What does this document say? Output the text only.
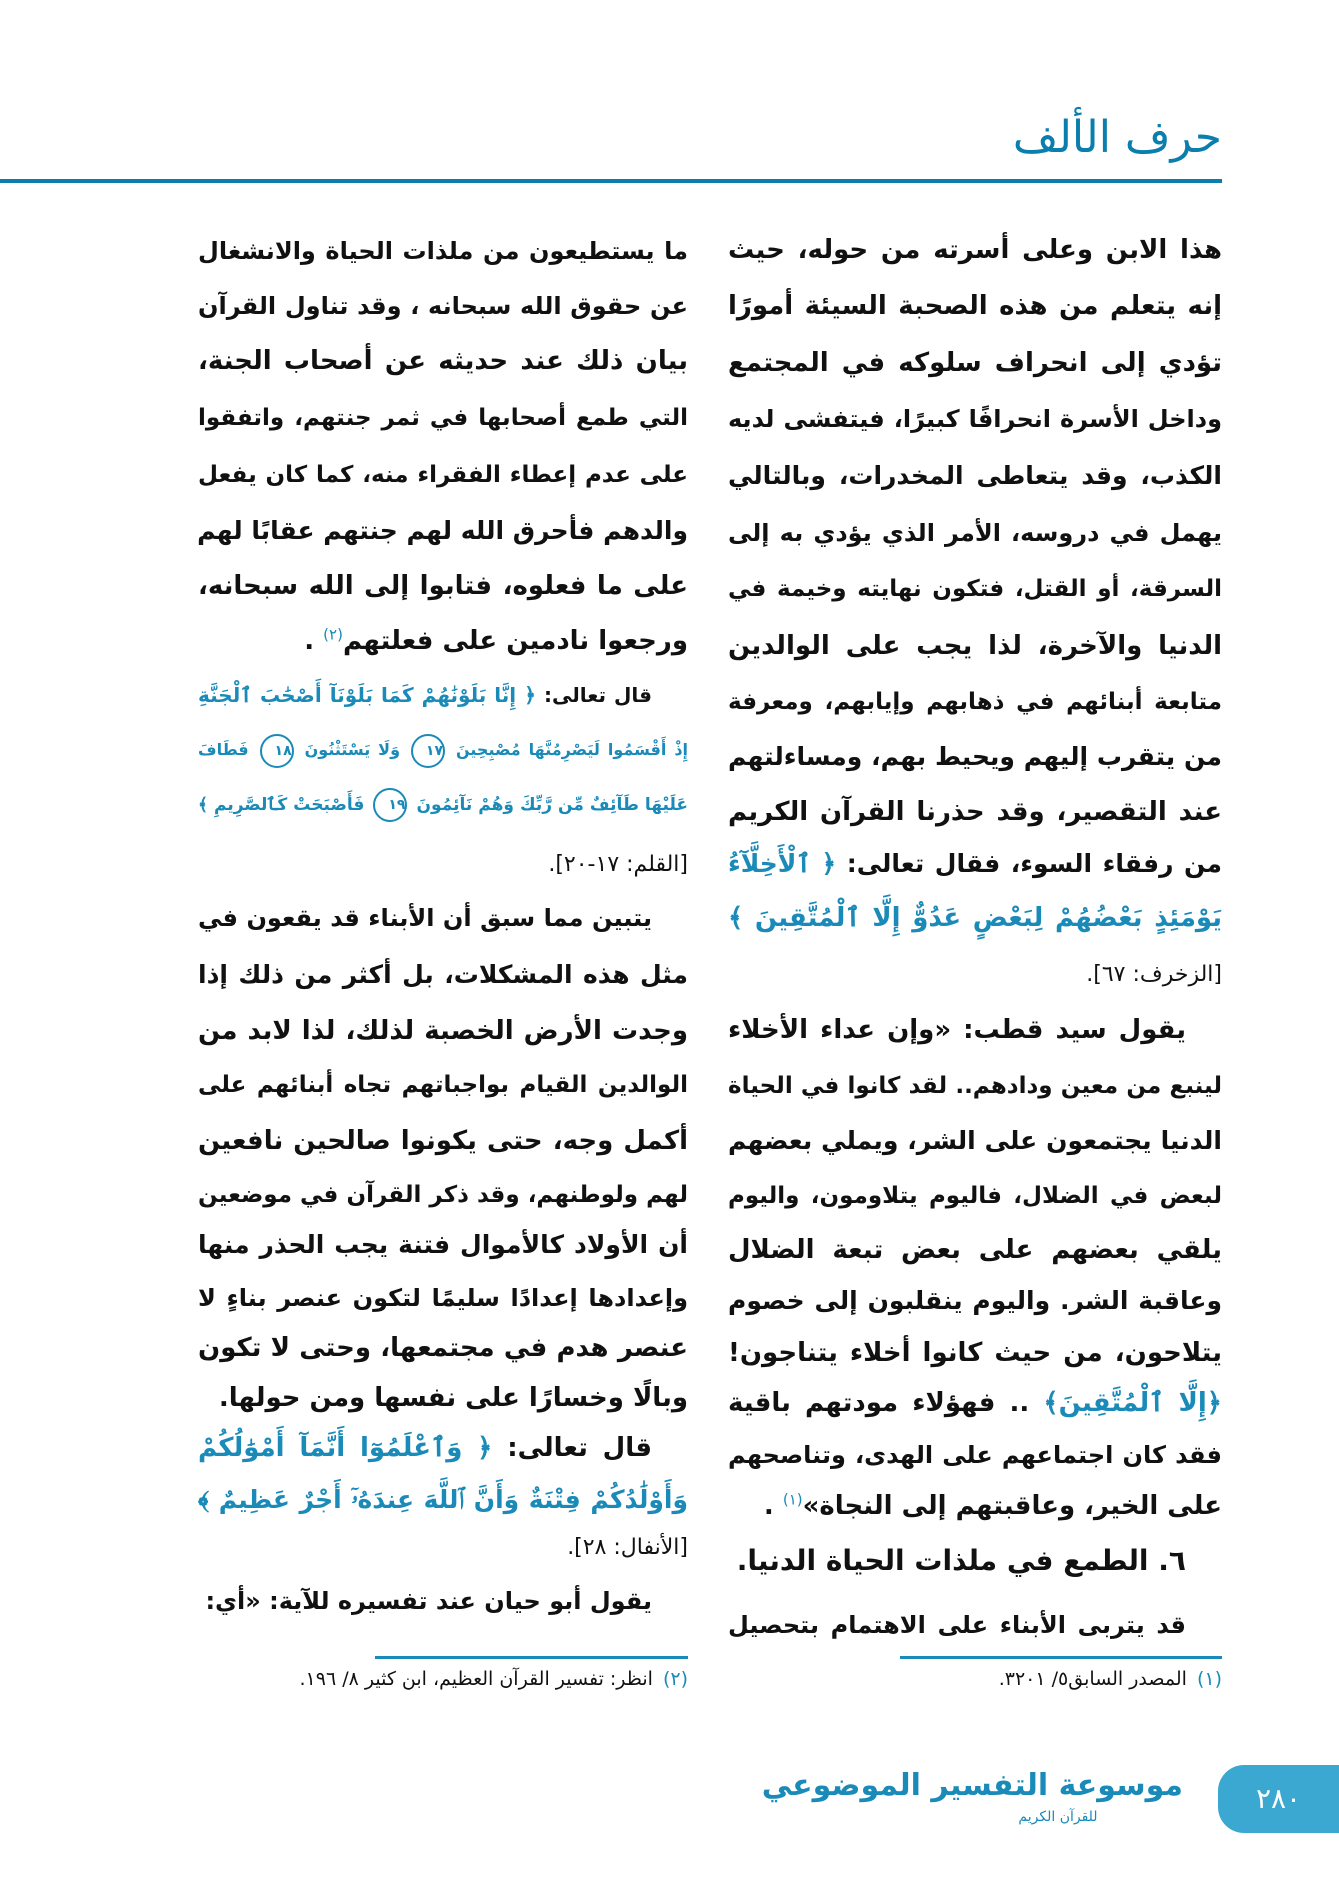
حرف الألف
هذا الابن وعلى أسرته من حوله، حيث
إنه يتعلم من هذه الصحبة السيئة أمورًا
تؤدي إلى انحراف سلوكه في المجتمع
وداخل الأسرة انحرافًا كبيرًا، فيتفشى لديه
الكذب، وقد يتعاطى المخدرات، وبالتالي
يهمل في دروسه، الأمر الذي يؤدي به إلى
السرقة، أو القتل، فتكون نهايته وخيمة في
الدنيا والآخرة، لذا يجب على الوالدين
متابعة أبنائهم في ذهابهم وإيابهم، ومعرفة
من يتقرب إليهم ويحيط بهم، ومساءلتهم
عند التقصير، وقد حذرنا القرآن الكريم
من رفقاء السوء، فقال تعالى: ﴿ ٱلْأَخِلَّآءُ
يَوْمَئِذٍ بَعْضُهُمْ لِبَعْضٍ عَدُوٌّ إِلَّا ٱلْمُتَّقِينَ ﴾
[الزخرف: ٦٧].
يقول سيد قطب: «وإن عداء الأخلاء
لينبع من معين ودادهم.. لقد كانوا في الحياة
الدنيا يجتمعون على الشر، ويملي بعضهم
لبعض في الضلال، فاليوم يتلاومون، واليوم
يلقي بعضهم على بعض تبعة الضلال
وعاقبة الشر. واليوم ينقلبون إلى خصوم
يتلاحون، من حيث كانوا أخلاء يتناجون!
﴿إِلَّا ٱلْمُتَّقِينَ﴾ .. فهؤلاء مودتهم باقية
فقد كان اجتماعهم على الهدى، وتناصحهم
على الخير، وعاقبتهم إلى النجاة»$^{(١)}$ .
٦. الطمع في ملذات الحياة الدنيا.
قد يتربى الأبناء على الاهتمام بتحصيل
ما يستطيعون من ملذات الحياة والانشغال
عن حقوق الله سبحانه ، وقد تناول القرآن
بيان ذلك عند حديثه عن أصحاب الجنة،
التي طمع أصحابها في ثمر جنتهم، واتفقوا
على عدم إعطاء الفقراء منه، كما كان يفعل
والدهم فأحرق الله لهم جنتهم عقابًا لهم
على ما فعلوه، فتابوا إلى الله سبحانه،
ورجعوا نادمين على فعلتهم$^{(٢)}$ .
قال تعالى: ﴿ إِنَّا بَلَوْنَٰهُمْ كَمَا بَلَوْنَآ أَصْحَٰبَ ٱلْجَنَّةِ
إِذْ أَقْسَمُوا لَيَصْرِمُنَّهَا مُصْبِحِينَ ١٧ وَلَا يَسْتَثْنُونَ ١٨ فَطَافَ
عَلَيْهَا طَآئِفٌ مِّن رَّبِّكَ وَهُمْ نَآئِمُونَ ١٩ فَأَصْبَحَتْ كَٱلصَّرِيمِ ﴾
[القلم: ١٧-٢٠].
يتبين مما سبق أن الأبناء قد يقعون في
مثل هذه المشكلات، بل أكثر من ذلك إذا
وجدت الأرض الخصبة لذلك، لذا لابد من
الوالدين القيام بواجباتهم تجاه أبنائهم على
أكمل وجه، حتى يكونوا صالحين نافعين
لهم ولوطنهم، وقد ذكر القرآن في موضعين
أن الأولاد كالأموال فتنة يجب الحذر منها
وإعدادها إعدادًا سليمًا لتكون عنصر بناءٍ لا
عنصر هدم في مجتمعها، وحتى لا تكون
وبالًا وخسارًا على نفسها ومن حولها.
قال تعالى: ﴿ وَٱعْلَمُوٓا أَنَّمَآ أَمْوَٰلُكُمْ
وَأَوْلَٰدُكُمْ فِتْنَةٌ وَأَنَّ ٱللَّهَ عِندَهُۥٓ أَجْرٌ عَظِيمٌ ﴾
[الأنفال: ٢٨].
يقول أبو حيان عند تفسيره للآية: «أي:
(١)المصدر السابق٥/ ٣٢٠١.
(٢)انظر: تفسير القرآن العظيم، ابن كثير ٨/ ١٩٦.
موسوعة التفسير الموضوعي
للقرآن الكريم
٢٨٠
